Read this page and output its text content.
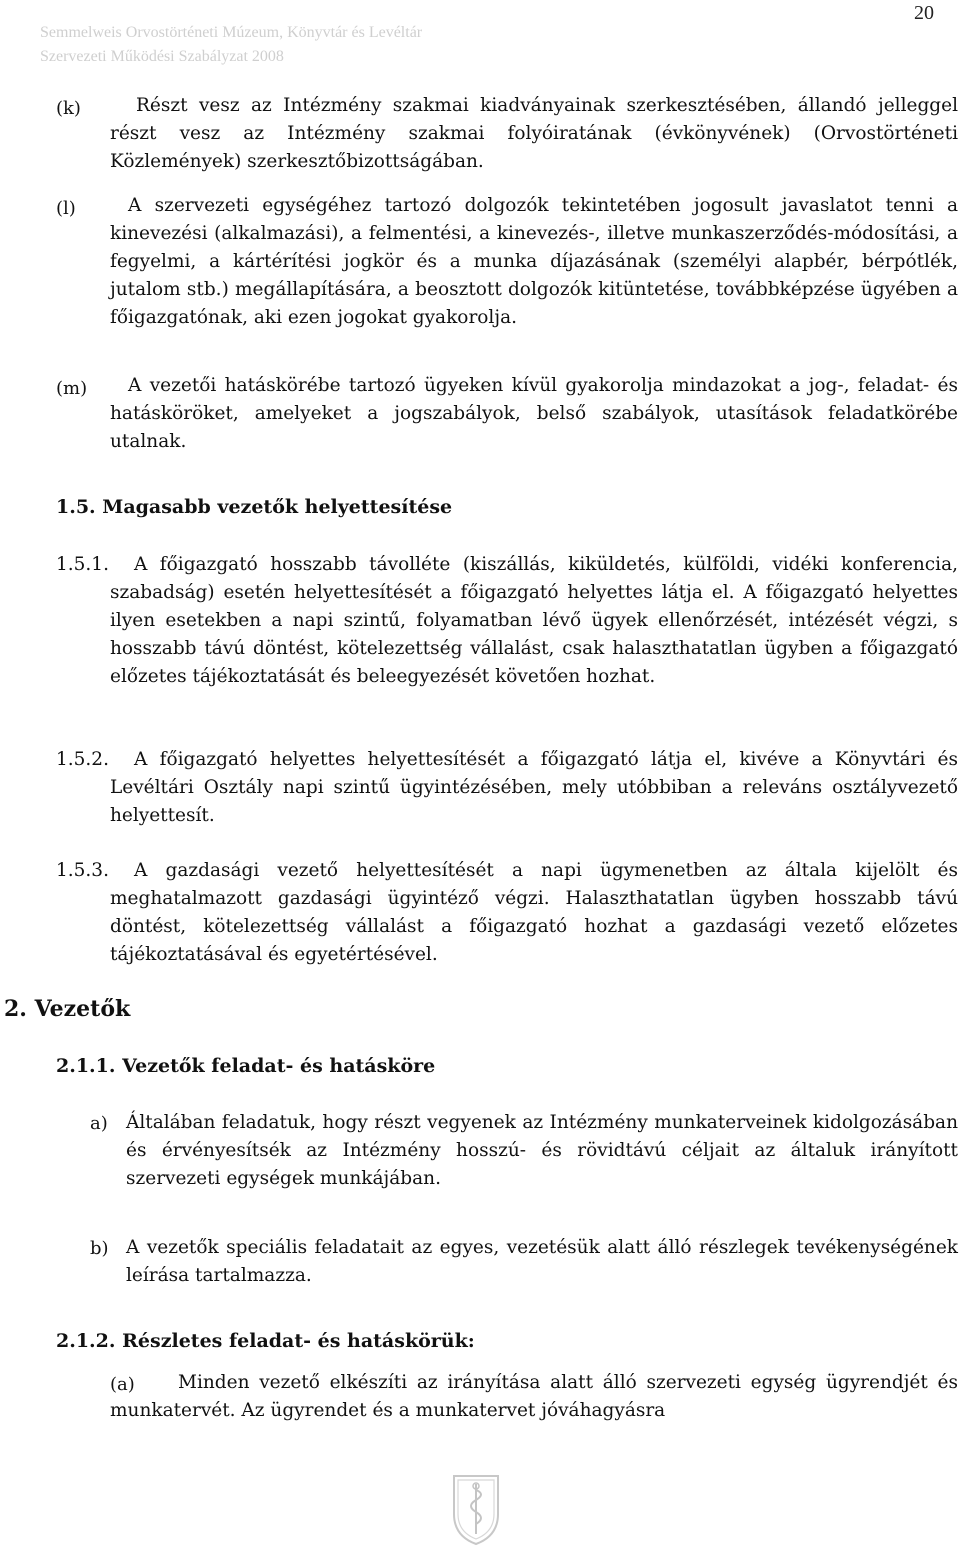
Semmelweis Orvostörténeti Múzeum, Könyvtár és Levéltár
Szervezeti Működési Szabályzat 2008
20
(k)	Részt vesz az Intézmény szakmai kiadványainak szerkesztésében, állandó jelleggel részt vesz az Intézmény szakmai folyóiratának (évkönyvének) (Orvostörténeti Közlemények) szerkesztőbizottságában.
(l)	A szervezeti egységéhez tartozó dolgozók tekintetében jogosult javaslatot tenni a kinevezési (alkalmazási), a felmentési, a kinevezés-, illetve munkaszerződés-módosítási, a fegyelmi, a kártérítési jogkör és a munka díjazásának (személyi alapbér, bérpótlék, jutalom stb.) megállapítására, a beosztott dolgozók kitüntetése, továbbképzése ügyében a főigazgatónak, aki ezen jogokat gyakorolja.
(m)	A vezetői hatáskörébe tartozó ügyeken kívül gyakorolja mindazokat a jog-, feladat- és hatásköröket, amelyeket a jogszabályok, belső szabályok, utasítások feladatkörébe utalnak.
1.5. Magasabb vezetők helyettesítése
1.5.1.	A főigazgató hosszabb távolléte (kiszállás, kiküldetés, külföldi, vidéki konferencia, szabadság) esetén helyettesítését a főigazgató helyettes látja el. A főigazgató helyettes ilyen esetekben a napi szintű, folyamatban lévő ügyek ellenőrzését, intézését végzi, s hosszabb távú döntést, kötelezettség vállalást, csak halaszthatatlan ügyben a főigazgató előzetes tájékoztatását és beleegyezését követően hozhat.
1.5.2.	A főigazgató helyettes helyettesítését a főigazgató látja el, kivéve a Könyvtári és Levéltári Osztály napi szintű ügyintézésében, mely utóbbiban a releváns osztályvezető helyettesít.
1.5.3.	A gazdasági vezető helyettesítését a napi ügymenetben az általa kijelölt és meghatalmazott gazdasági ügyintéző végzi. Halaszthatatlan ügyben hosszabb távú döntést, kötelezettség vállalást a főigazgató hozhat a gazdasági vezető előzetes tájékoztatásával és egyetértésével.
2. Vezetők
2.1.1. Vezetők feladat- és hatásköre
a) Általában feladatuk, hogy részt vegyenek az Intézmény munkaterveinek kidolgozásában és érvényesítsék az Intézmény hosszú- és rövidtávú céljait az általuk irányított szervezeti egységek munkájában.
b) A vezetők speciális feladatait az egyes, vezetésük alatt álló részlegek tevékenységének leírása tartalmazza.
2.1.2. Részletes feladat- és hatáskörük:
(a)	Minden vezető elkészíti az irányítása alatt álló szervezeti egység ügyrendjét és munkatervét. Az ügyrendet és a munkatervet jóváhagyásra
